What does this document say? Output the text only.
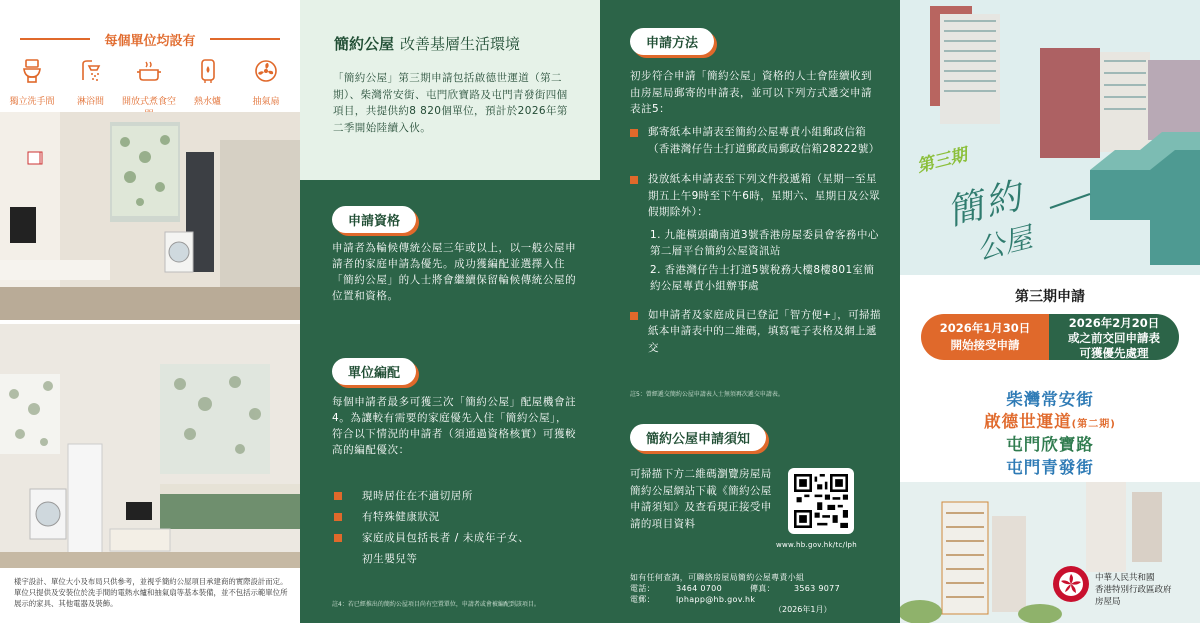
每個單位均設有
獨立洗手間	淋浴間	開放式煮食空	熱水爐	抽氣扇
樣宇設計、單位大小及布局只供參考，並視乎簡約公屋項目承建商的實際設計而定。單位只提供及安裝位於洗手間的電熱水爐和抽氣扇等基本裝備，並不包括示範單位所展示的家具、其他電器及裝飾。
簡約公屋 改善基層生活環境
「簡約公屋」第三期申請包括啟德世運道（第二期）、柴灣常安街、屯門欣寶路及屯門青發街四個項目，共提供約8 820個單位，預計於2026年第二季開始陸續入伙。
申請資格
申請者為輪候傳統公屋三年或以上，以一般公屋申請者的家庭申請為優先。成功獲編配並選擇入住「簡約公屋」的人士將會繼續保留輪候傳統公屋的位置和資格。
單位編配
每個申請者最多可獲三次「簡約公屋」配屋機會註4。為讓較有需要的家庭優先入住「簡約公屋」，符合以下情況的申請者（須通過資格核實）可獲較高的編配優次：
現時居住在不適切居所
有特殊健康狀況
家庭成員包括長者 / 未成年子女、
初生嬰兒等
註4：若已經推出的簡約公屋項目尚有空置單位，申請者或會被編配到該項目。
申請方法
初步符合申請「簡約公屋」資格的人士會陸續收到由房屋局郵寄的申請表，並可以下列方式遞交申請表註5：
郵寄紙本申請表至簡約公屋專責小組郵政信箱（香港灣仔告士打道郵政局郵政信箱28222號）
投放紙本申請表至下列文件投遞箱（星期一至星期五上午9時至下午6時，星期六、星期日及公眾假期除外）：
1. 九龍橫頭磡南道3號香港房屋委員會客務中心第二層平台簡約公屋資訊站
2. 香港灣仔告士打道5號稅務大樓8樓801室簡約公屋專責小組辦事處
如申請者及家庭成員已登記「智方便+」，可掃描紙本申請表中的二維碼，填寫電子表格及網上遞交
註5：曾經遞交簡約公屋申請表人士無須再次遞交申請表。
簡約公屋申請須知
可掃描下方二維碼瀏覽房屋局簡約公屋網站下載《簡約公屋申請須知》及查看現正接受申請的項目資料
www.hb.gov.hk/tc/lph
如有任何查詢，可聯絡房屋局簡約公屋專責小組
電話：	3464 0700	傳真：	3563 9077
電郵：	lphapp@hb.gov.hk
（2026年1月）
第三期
簡約
公屋
第三期申請
2026年1月30日
開始接受申請
2026年2月20日
或之前交回申請表
可獲優先處理
柴灣常安街
啟德世運道(第二期)
屯門欣寶路
屯門青發街
中華人民共和國
香港特別行政區政府
房屋局
